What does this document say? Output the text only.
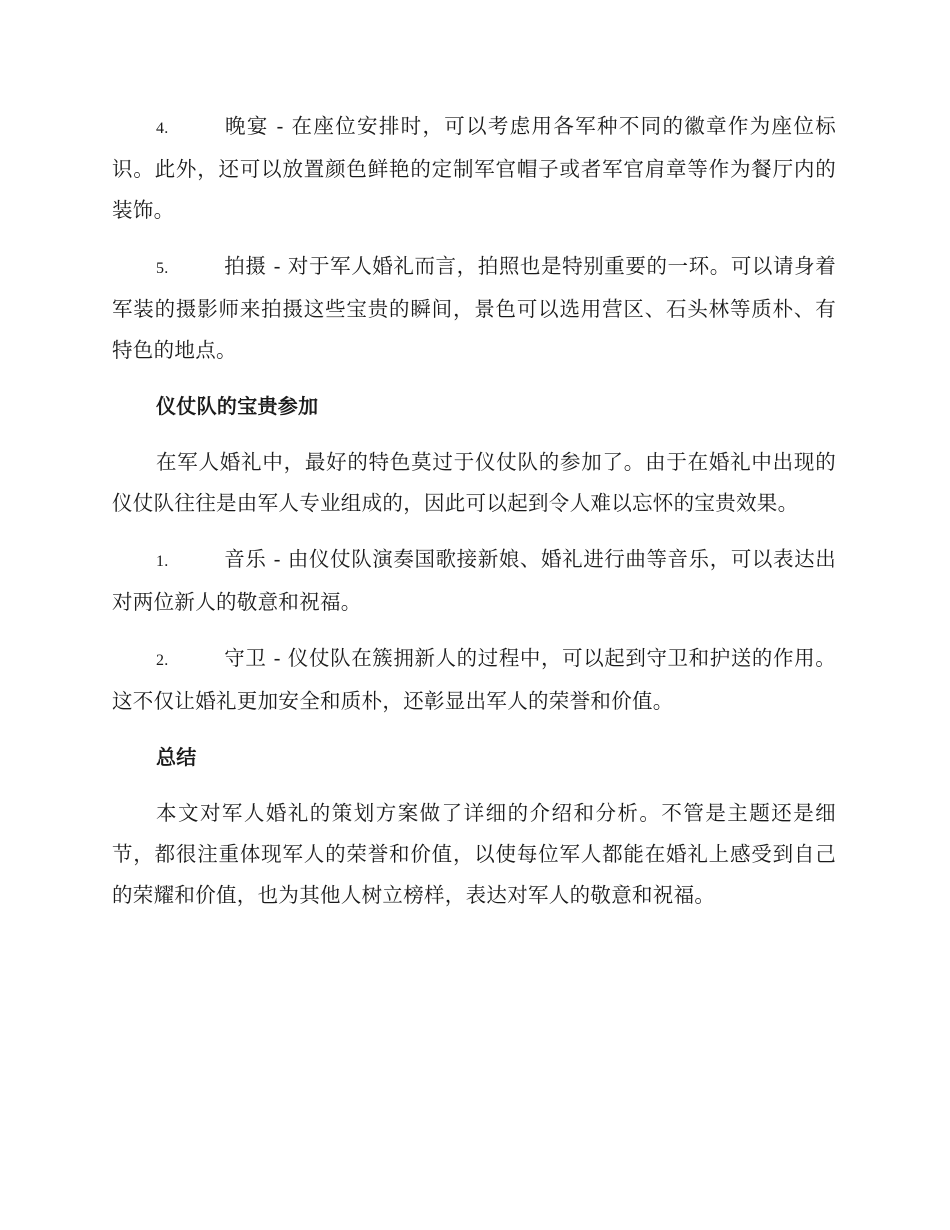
4.	晚宴 - 在座位安排时，可以考虑用各军种不同的徽章作为座位标识。此外，还可以放置颜色鲜艳的定制军官帽子或者军官肩章等作为餐厅内的装饰。

5.	拍摄 - 对于军人婚礼而言，拍照也是特别重要的一环。可以请身着军装的摄影师来拍摄这些宝贵的瞬间，景色可以选用营区、石头林等质朴、有特色的地点。

仪仗队的宝贵参加

在军人婚礼中，最好的特色莫过于仪仗队的参加了。由于在婚礼中出现的仪仗队往往是由军人专业组成的，因此可以起到令人难以忘怀的宝贵效果。

1.	音乐 - 由仪仗队演奏国歌接新娘、婚礼进行曲等音乐，可以表达出对两位新人的敬意和祝福。

2.	守卫 - 仪仗队在簇拥新人的过程中，可以起到守卫和护送的作用。这不仅让婚礼更加安全和质朴，还彰显出军人的荣誉和价值。

总结

本文对军人婚礼的策划方案做了详细的介绍和分析。不管是主题还是细节，都很注重体现军人的荣誉和价值，以使每位军人都能在婚礼上感受到自己的荣耀和价值，也为其他人树立榜样，表达对军人的敬意和祝福。
